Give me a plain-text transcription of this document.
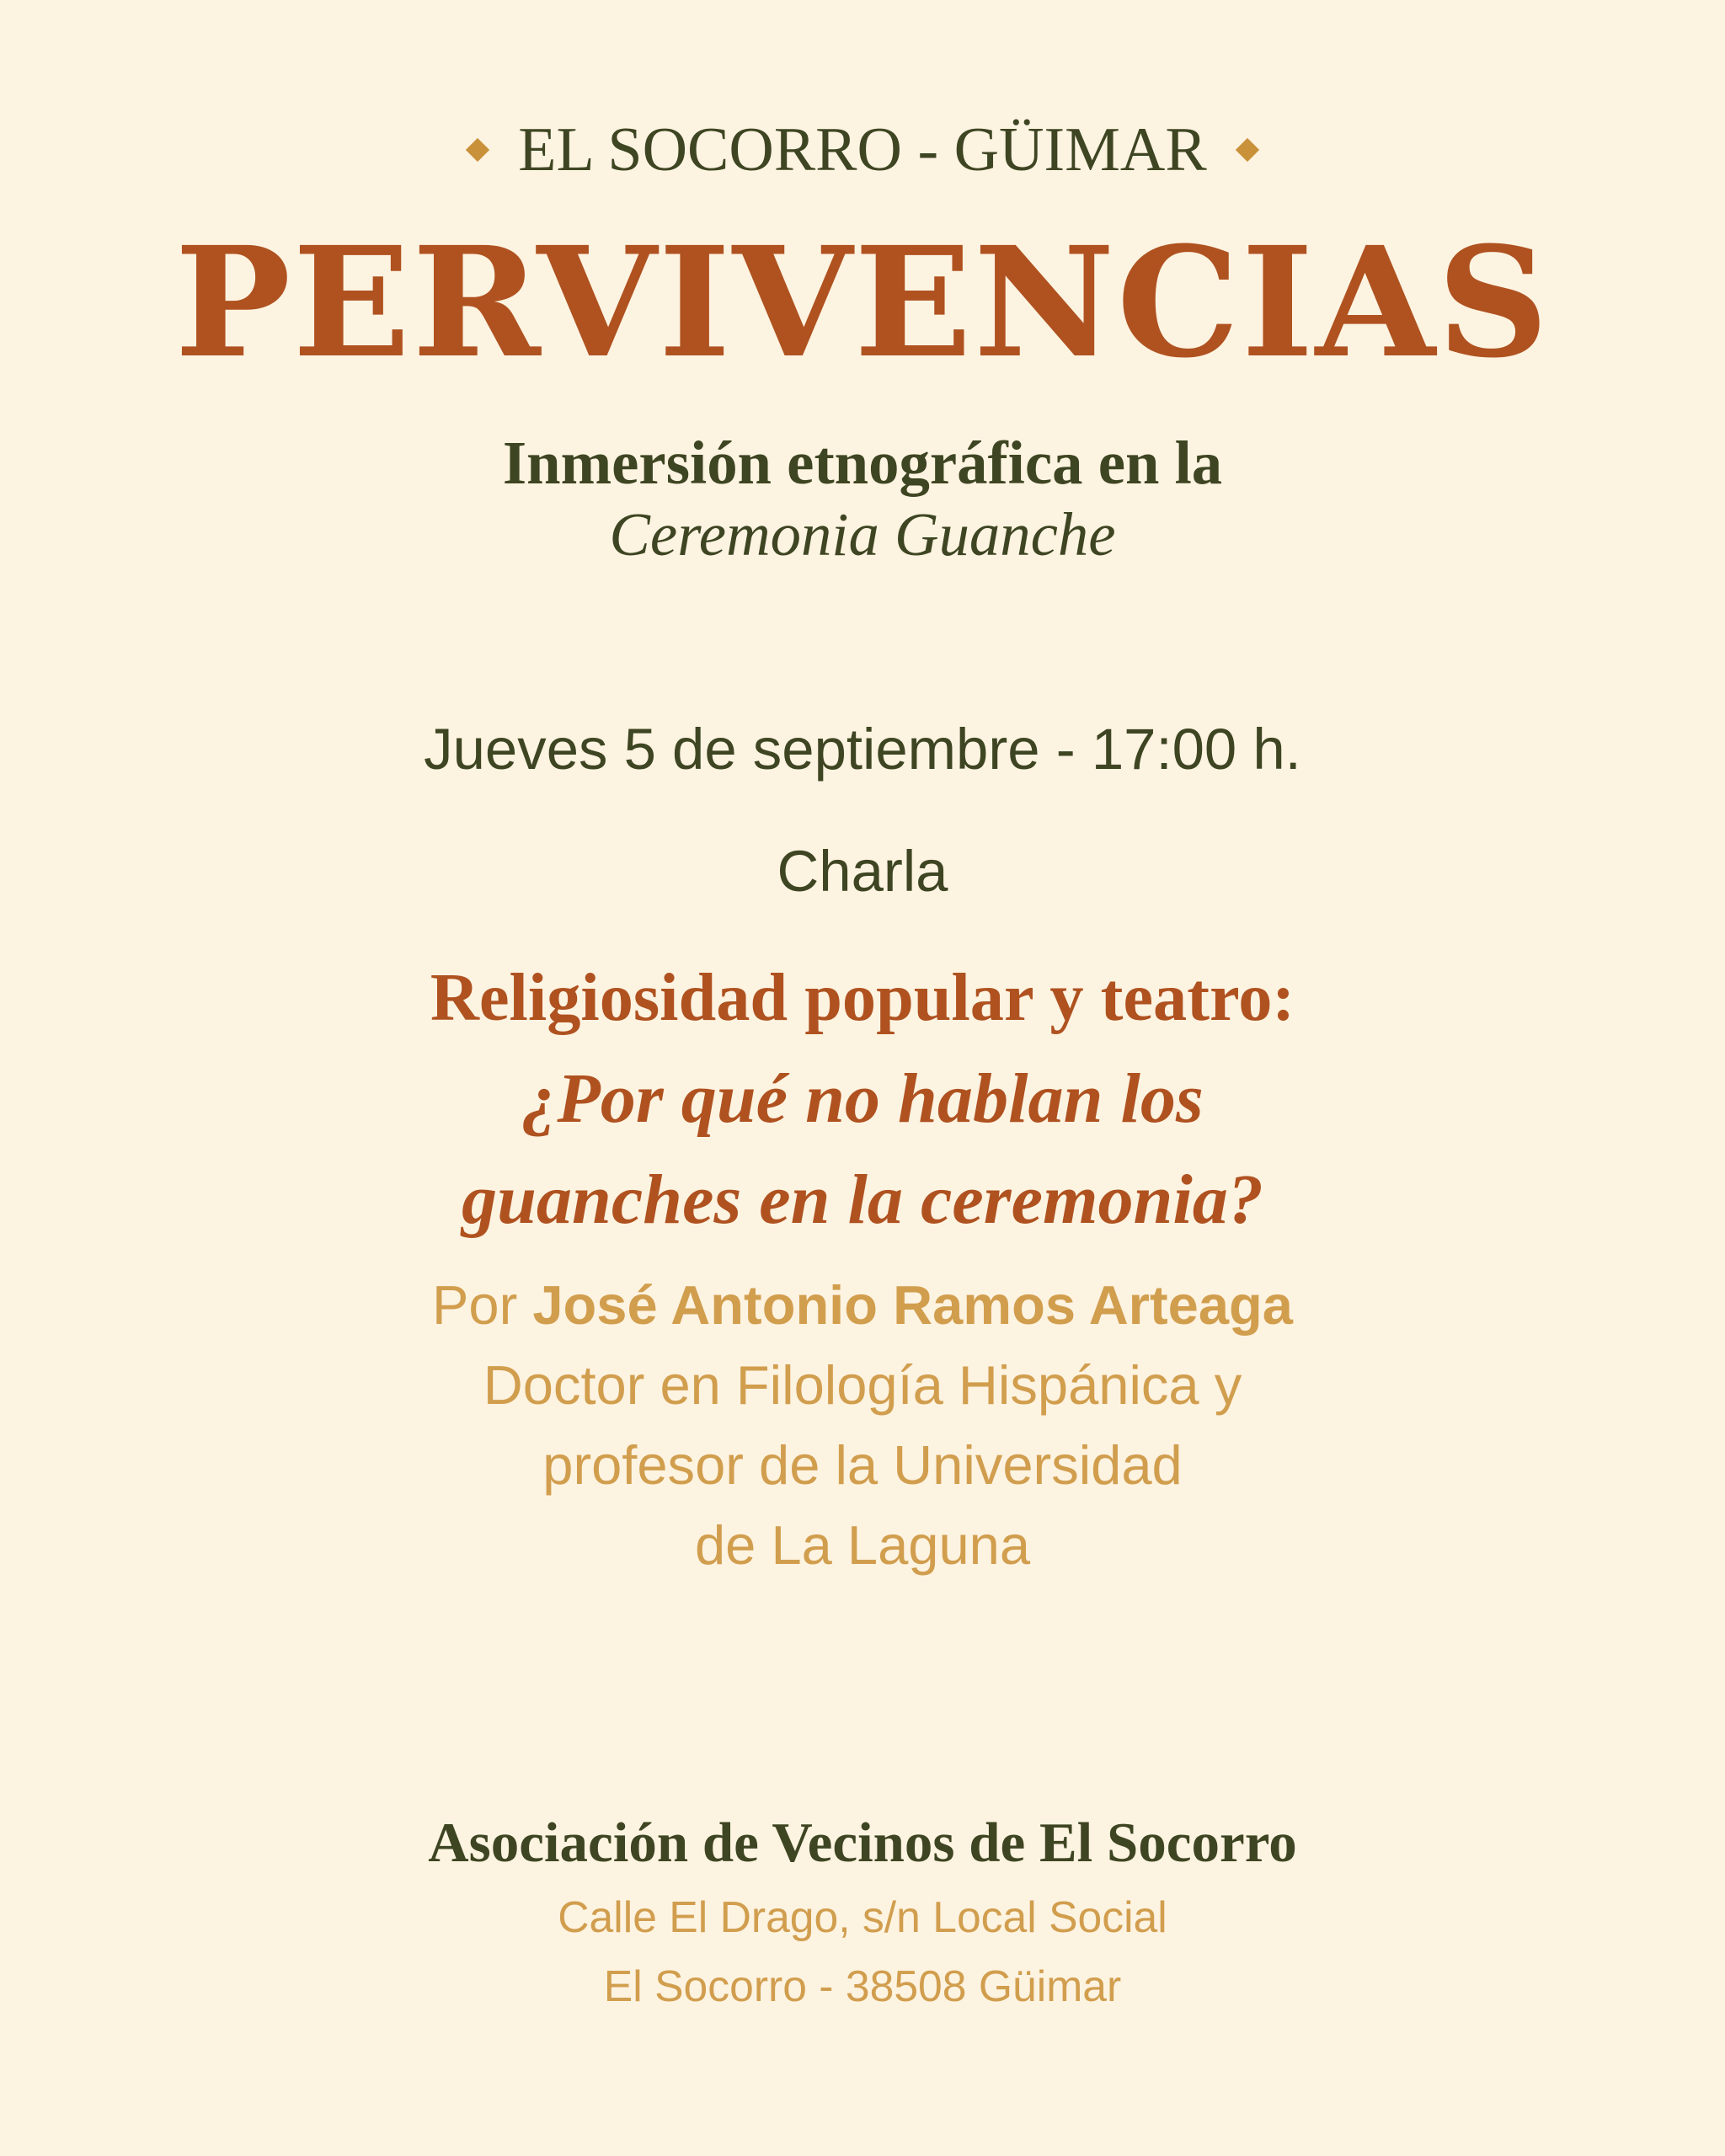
EL SOCORRO - GÜIMAR
PERVIVENCIAS
Inmersión etnográfica en la
Ceremonia Guanche
Jueves 5 de septiembre - 17:00 h.
Charla
Religiosidad popular y teatro:
¿Por qué no hablan los
guanches en la ceremonia?
Por José Antonio Ramos Arteaga
Doctor en Filología Hispánica y
profesor de la Universidad
de La Laguna
Asociación de Vecinos de El Socorro
Calle El Drago, s/n Local Social
El Socorro - 38508 Güimar
